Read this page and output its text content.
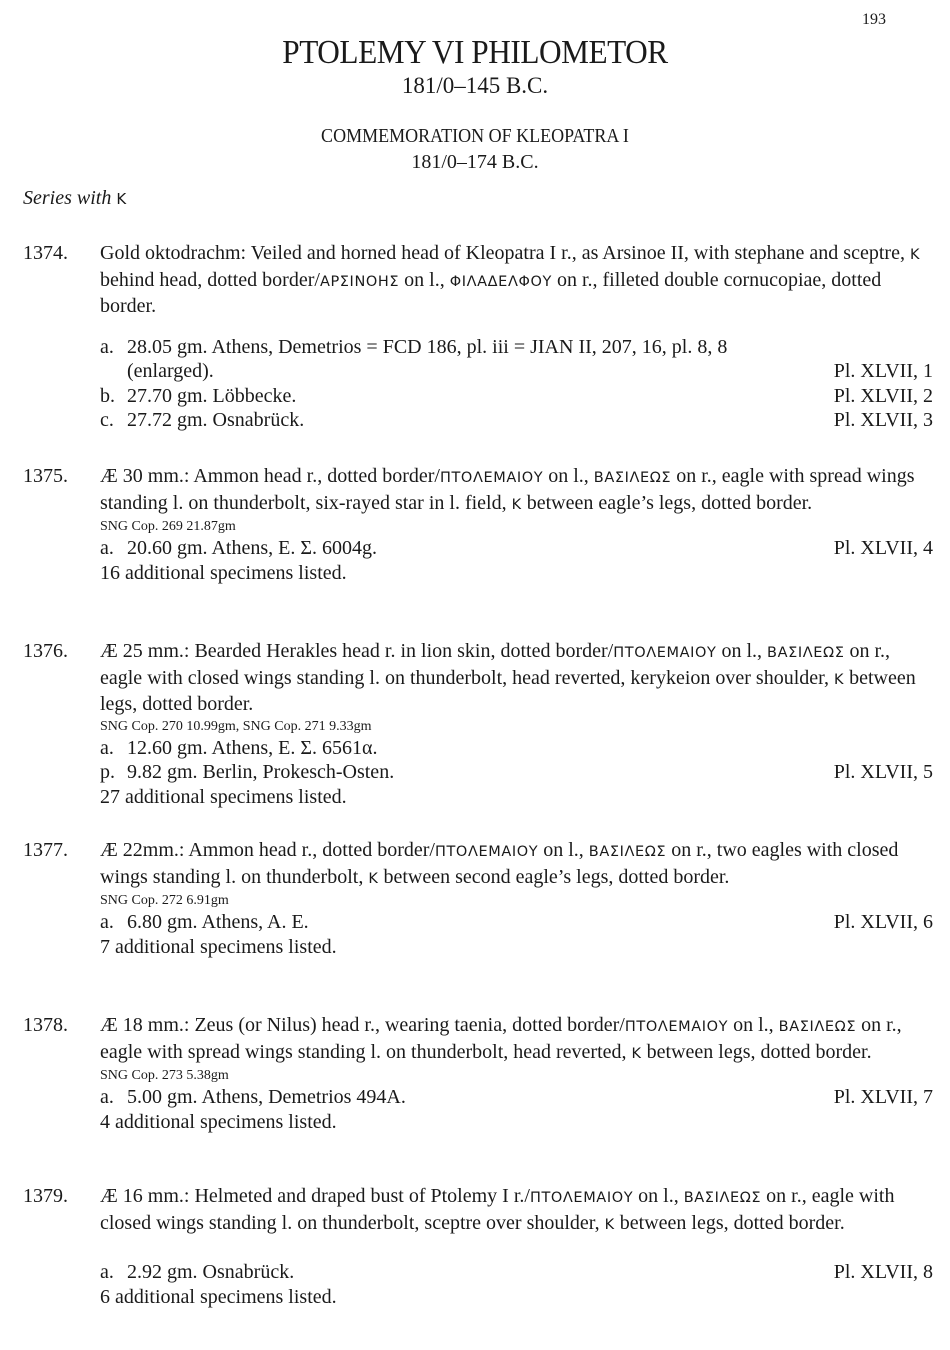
193
PTOLEMY VI PHILOMETOR
181/0–145 B.C.
COMMEMORATION OF KLEOPATRA I
181/0–174 B.C.
Series with K
1374. Gold oktodrachm: Veiled and horned head of Kleopatra I r., as Arsinoe II, with stephane and sceptre, K behind head, dotted border/ΑΡΣΙΝΟΗΣ on l., ΦΙΛΑΔΕΛΦΟΥ on r., filleted double cornucopiae, dotted border.
a. 28.05 gm. Athens, Demetrios = FCD 186, pl. iii = JIAN II, 207, 16, pl. 8, 8
(enlarged).	Pl. XLVII, 1
b. 27.70 gm. Löbbecke.	Pl. XLVII, 2
c. 27.72 gm. Osnabrück.	Pl. XLVII, 3
1375. Æ 30 mm.: Ammon head r., dotted border/ΠΤΟΛΕΜΑΙΟΥ on l., ΒΑΣΙΛΕΩΣ on r., eagle with spread wings standing l. on thunderbolt, six-rayed star in l. field, K between eagle’s legs, dotted border.
SNG Cop. 269 21.87gm
a. 20.60 gm. Athens, E. Σ. 6004g.	Pl. XLVII, 4
16 additional specimens listed.
1376. Æ 25 mm.: Bearded Herakles head r. in lion skin, dotted border/ΠΤΟΛΕΜΑΙΟΥ on l., ΒΑΣΙΛΕΩΣ on r., eagle with closed wings standing l. on thunderbolt, head reverted, kerykeion over shoulder, K between legs, dotted border.
SNG Cop. 270 10.99gm, SNG Cop. 271 9.33gm
a. 12.60 gm. Athens, E. Σ. 6561α.
p. 9.82 gm. Berlin, Prokesch-Osten.	Pl. XLVII, 5
27 additional specimens listed.
1377. Æ 22mm.: Ammon head r., dotted border/ΠΤΟΛΕΜΑΙΟΥ on l., ΒΑΣΙΛΕΩΣ on r., two eagles with closed wings standing l. on thunderbolt, K between second eagle’s legs, dotted border.
SNG Cop. 272 6.91gm
a. 6.80 gm. Athens, A. E.	Pl. XLVII, 6
7 additional specimens listed.
1378. Æ 18 mm.: Zeus (or Nilus) head r., wearing taenia, dotted border/ΠΤΟΛΕΜΑΙΟΥ on l., ΒΑΣΙΛΕΩΣ on r., eagle with spread wings standing l. on thunderbolt, head reverted, K between legs, dotted border.
SNG Cop. 273 5.38gm
a. 5.00 gm. Athens, Demetrios 494A.	Pl. XLVII, 7
4 additional specimens listed.
1379. Æ 16 mm.: Helmeted and draped bust of Ptolemy I r./ΠΤΟΛΕΜΑΙΟΥ on l., ΒΑΣΙΛΕΩΣ on r., eagle with closed wings standing l. on thunderbolt, sceptre over shoulder, K between legs, dotted border.
a. 2.92 gm. Osnabrück.	Pl. XLVII, 8
6 additional specimens listed.
